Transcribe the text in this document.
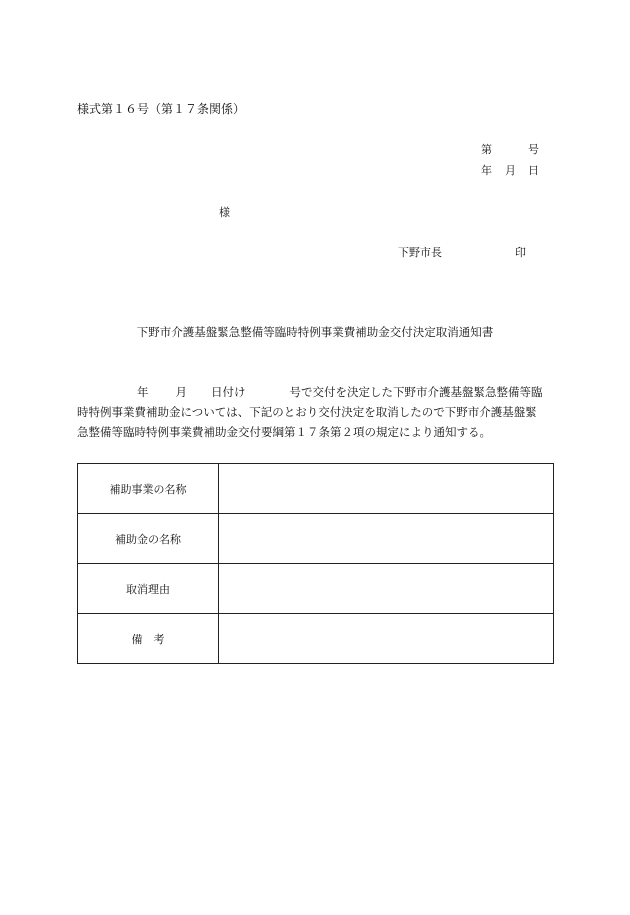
様式第１６号（第１７条関係）
第	号
年 月 日
様
下野市長	印
下野市介護基盤緊急整備等臨時特例事業費補助金交付決定取消通知書
年 月 日付け	号で交付を決定した下野市介護基盤緊急整備等臨
時特例事業費補助金については、下記のとおり交付決定を取消したので下野市介護基盤緊
急整備等臨時特例事業費補助金交付要綱第１７条第２項の規定により通知する。
補助事業の名称	
補助金の名称	
取消理由	
備　考	
